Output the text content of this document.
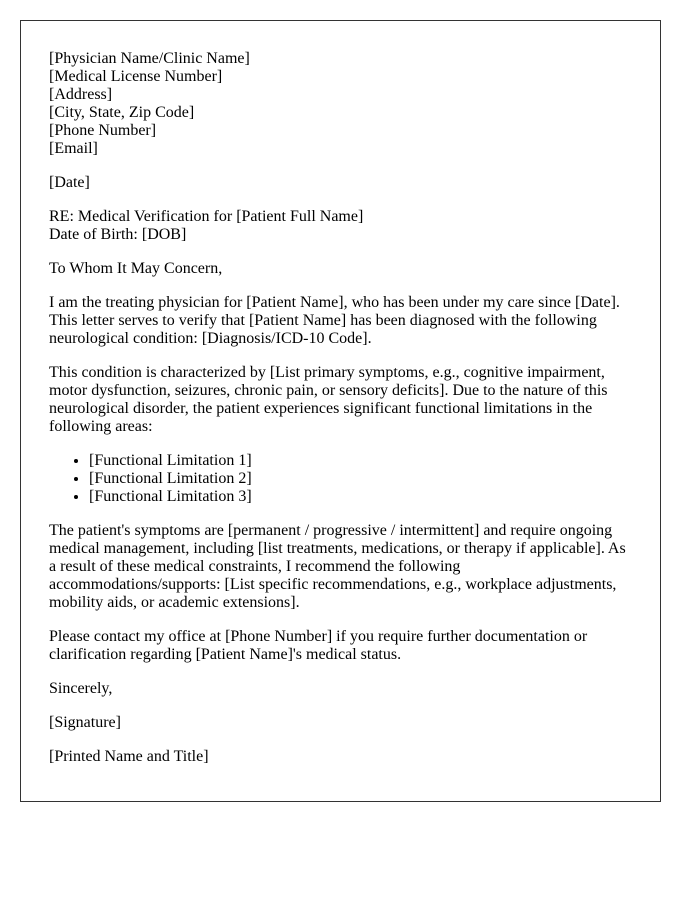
[Physician Name/Clinic Name]
[Medical License Number]
[Address]
[City, State, Zip Code]
[Phone Number]
[Email]

[Date]

RE: Medical Verification for [Patient Full Name]
Date of Birth: [DOB]

To Whom It May Concern,

I am the treating physician for [Patient Name], who has been under my care since [Date]. This letter serves to verify that [Patient Name] has been diagnosed with the following neurological condition: [Diagnosis/ICD-10 Code].

This condition is characterized by [List primary symptoms, e.g., cognitive impairment, motor dysfunction, seizures, chronic pain, or sensory deficits]. Due to the nature of this neurological disorder, the patient experiences significant functional limitations in the following areas:

• [Functional Limitation 1]
• [Functional Limitation 2]
• [Functional Limitation 3]

The patient's symptoms are [permanent / progressive / intermittent] and require ongoing medical management, including [list treatments, medications, or therapy if applicable]. As a result of these medical constraints, I recommend the following accommodations/supports: [List specific recommendations, e.g., workplace adjustments, mobility aids, or academic extensions].

Please contact my office at [Phone Number] if you require further documentation or clarification regarding [Patient Name]'s medical status.

Sincerely,

[Signature]

[Printed Name and Title]
